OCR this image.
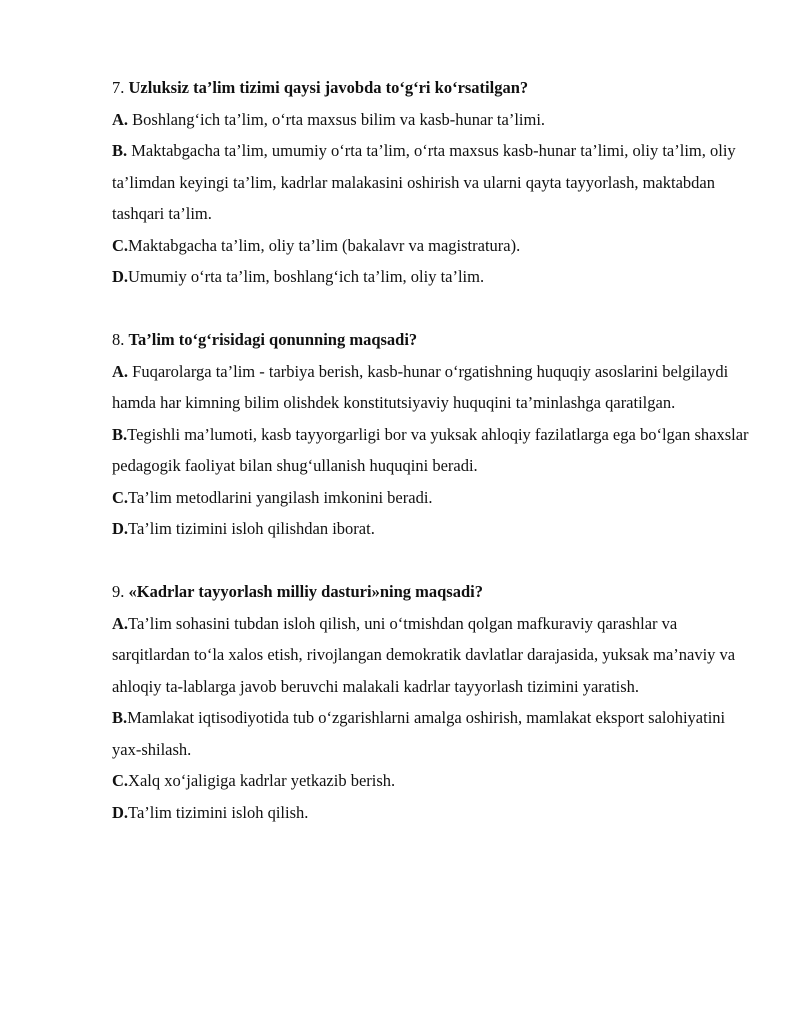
7. Uzluksiz ta’lim tizimi qaysi javobda to‘g‘ri ko‘rsatilgan?

A. Boshlang‘ich ta’lim, o‘rta maxsus bilim va kasb-hunar ta’limi.

B. Maktabgacha ta’lim, umumiy o‘rta ta’lim, o‘rta maxsus kasb-hunar ta’limi, oliy ta’lim, oliy ta’limdan keyingi ta’lim, kadrlar malakasini oshirish va ularni qayta tayyorlash, maktabdan tashqari ta’lim.

C.Maktabgacha ta’lim, oliy ta’lim (bakalavr va magistratura).

D.Umumiy o‘rta ta’lim, boshlang‘ich ta’lim, oliy ta’lim.

8. Ta’lim to‘g‘risidagi qonunning maqsadi?

A. Fuqarolarga ta’lim - tarbiya berish, kasb-hunar o‘rgatishning huquqiy asoslarini belgilaydi hamda har kimning bilim olishdek konstitutsiyaviy huquqini ta’minlashga qaratilgan.

B.Tegishli ma’lumoti, kasb tayyorgarligi bor va yuksak ahloqiy fazilatlarga ega bo‘lgan shaxslar pedagogik faoliyat bilan shug‘ullanish huquqini beradi.

C.Ta’lim metodlarini yangilash imkonini beradi.

D.Ta’lim tizimini isloh qilishdan iborat.

9. «Kadrlar tayyorlash milliy dasturi»ning maqsadi?

A.Ta’lim sohasini tubdan isloh qilish, uni o‘tmishdan qolgan mafkuraviy qarashlar va sarqitlardan to‘la xalos etish, rivojlangan demokratik davlatlar darajasida, yuksak ma’naviy va ahloqiy ta-lablarga javob beruvchi malakali kadrlar tayyorlash tizimini yaratish.

B.Mamlakat iqtisodiyotida tub o‘zgarishlarni amalga oshirish, mamlakat eksport salohiyatini yax-shilash.

C.Xalq xo‘jaligiga kadrlar yetkazib berish.

D.Ta’lim tizimini isloh qilish.
